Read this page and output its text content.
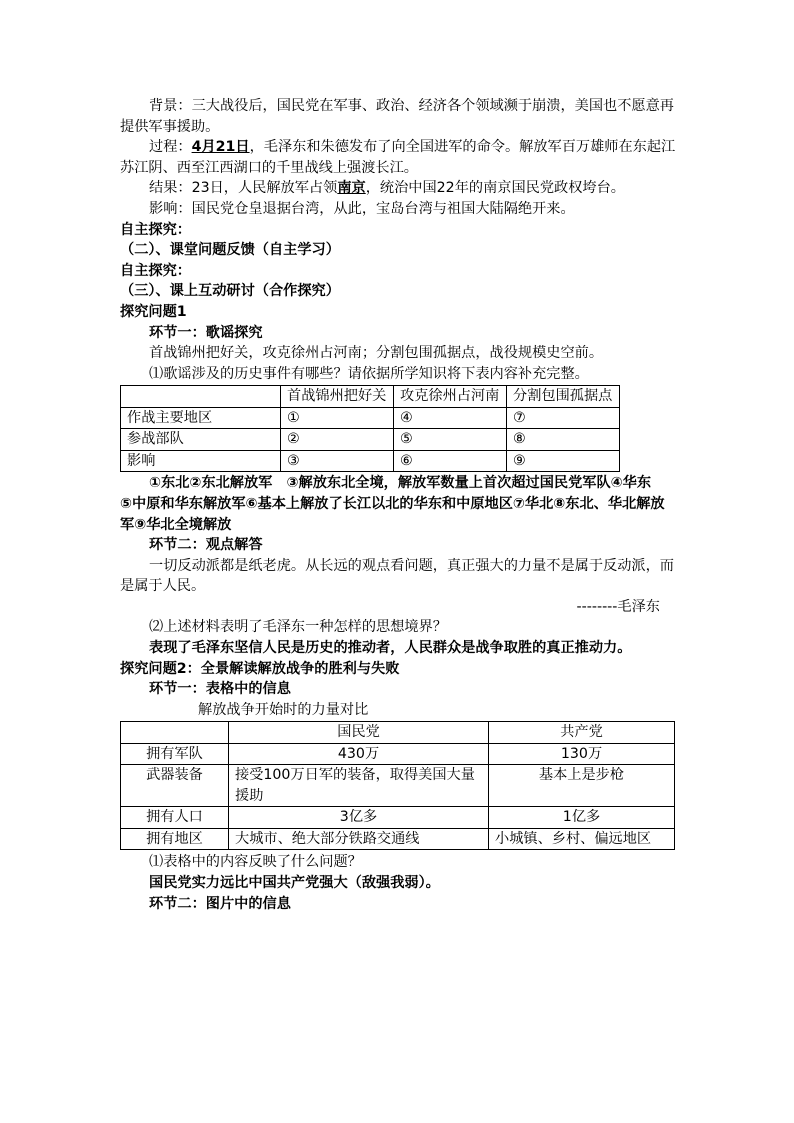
背景：三大战役后，国民党在军事、政治、经济各个领域濒于崩溃，美国也不愿意再提供军事援助。

过程：4月21日，毛泽东和朱德发布了向全国进军的命令。解放军百万雄师在东起江苏江阴、西至江西湖口的千里战线上强渡长江。

结果：23日，人民解放军占领南京，统治中国22年的南京国民党政权垮台。

影响：国民党仓皇退据台湾，从此，宝岛台湾与祖国大陆隔绝开来。

自主探究：

（二）、课堂问题反馈（自主学习）

自主探究：

（三）、课上互动研讨（合作探究）

探究问题1

环节一：歌谣探究

首战锦州把好关，攻克徐州占河南；分割包围孤据点，战役规模史空前。

⑴歌谣涉及的历史事件有哪些？请依据所学知识将下表内容补充完整。

	首战锦州把好关	攻克徐州占河南	分割包围孤据点
作战主要地区	①	④	⑦
参战部队	②	⑤	⑧
影响	③	⑥	⑨

①东北②东北解放军　③解放东北全境，解放军数量上首次超过国民党军队④华东　⑤中原和华东解放军⑥基本上解放了长江以北的华东和中原地区⑦华北⑧东北、华北解放军⑨华北全境解放

环节二：观点解答

一切反动派都是纸老虎。从长远的观点看问题，真正强大的力量不是属于反动派，而是属于人民。

--------毛泽东

⑵上述材料表明了毛泽东一种怎样的思想境界？

表现了毛泽东坚信人民是历史的推动者，人民群众是战争取胜的真正推动力。

探究问题2：全景解读解放战争的胜利与失败

环节一：表格中的信息

解放战争开始时的力量对比

	国民党	共产党
拥有军队	430万	130万
武器装备	接受100万日军的装备，取得美国大量援助	基本上是步枪
拥有人口	3亿多	1亿多
拥有地区	大城市、绝大部分铁路交通线	小城镇、乡村、偏远地区

⑴表格中的内容反映了什么问题？

国民党实力远比中国共产党强大（敌强我弱）。

环节二：图片中的信息
